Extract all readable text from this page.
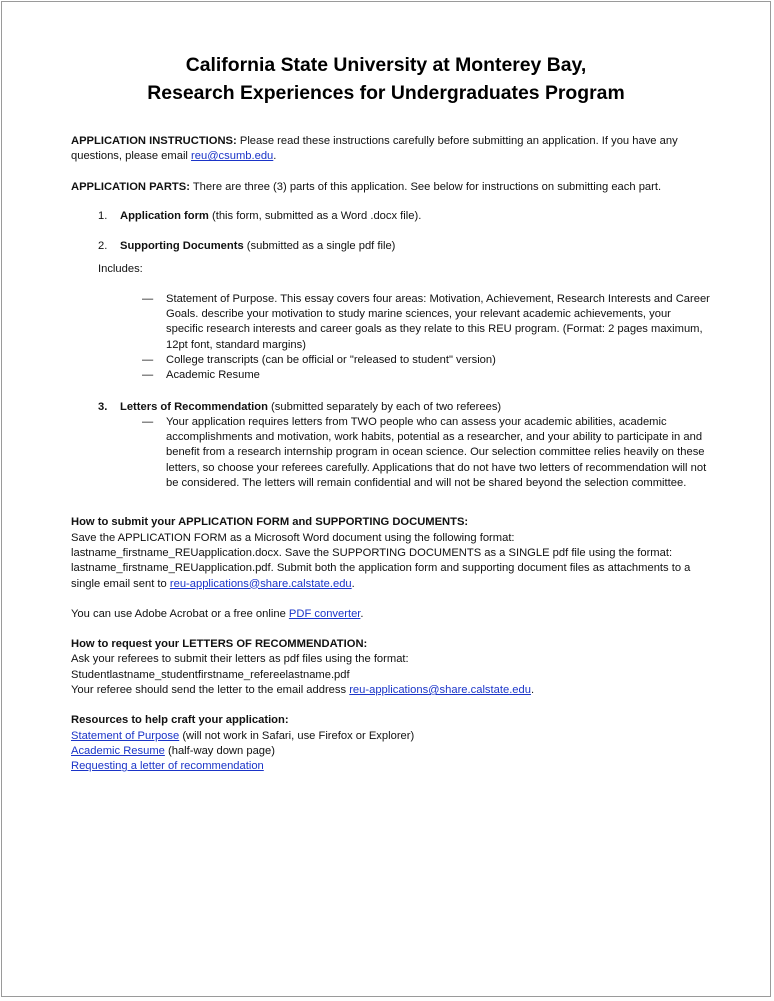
California State University at Monterey Bay,
Research Experiences for Undergraduates Program

APPLICATION INSTRUCTIONS: Please read these instructions carefully before submitting an application. If you have any questions, please email reu@csumb.edu.

APPLICATION PARTS: There are three (3) parts of this application. See below for instructions on submitting each part.

1. Application form (this form, submitted as a Word .docx file).
2. Supporting Documents (submitted as a single pdf file)

Includes:

— Statement of Purpose. This essay covers four areas: Motivation, Achievement, Research Interests and Career Goals. describe your motivation to study marine sciences, your relevant academic achievements, your specific research interests and career goals as they relate to this REU program. (Format: 2 pages maximum, 12pt font, standard margins)
— College transcripts (can be official or "released to student" version)
— Academic Resume
3. Letters of Recommendation (submitted separately by each of two referees)
— Your application requires letters from TWO people who can assess your academic abilities, academic accomplishments and motivation, work habits, potential as a researcher, and your ability to participate in and benefit from a research internship program in ocean science. Our selection committee relies heavily on these letters, so choose your referees carefully. Applications that do not have two letters of recommendation will not be considered. The letters will remain confidential and will not be shared beyond the selection committee.
How to submit your APPLICATION FORM and SUPPORTING DOCUMENTS:
Save the APPLICATION FORM as a Microsoft Word document using the following format: lastname_firstname_REUapplication.docx. Save the SUPPORTING DOCUMENTS as a SINGLE pdf file using the format: lastname_firstname_REUapplication.pdf. Submit both the application form and supporting document files as attachments to a single email sent to reu-applications@share.calstate.edu.

You can use Adobe Acrobat or a free online PDF converter.

How to request your LETTERS OF RECOMMENDATION:
Ask your referees to submit their letters as pdf files using the format:
Studentlastname_studentfirstname_refereelastname.pdf
Your referee should send the letter to the email address reu-applications@share.calstate.edu.
Resources to help craft your application:
Statement of Purpose (will not work in Safari, use Firefox or Explorer)
Academic Resume (half-way down page)
Requesting a letter of recommendation
